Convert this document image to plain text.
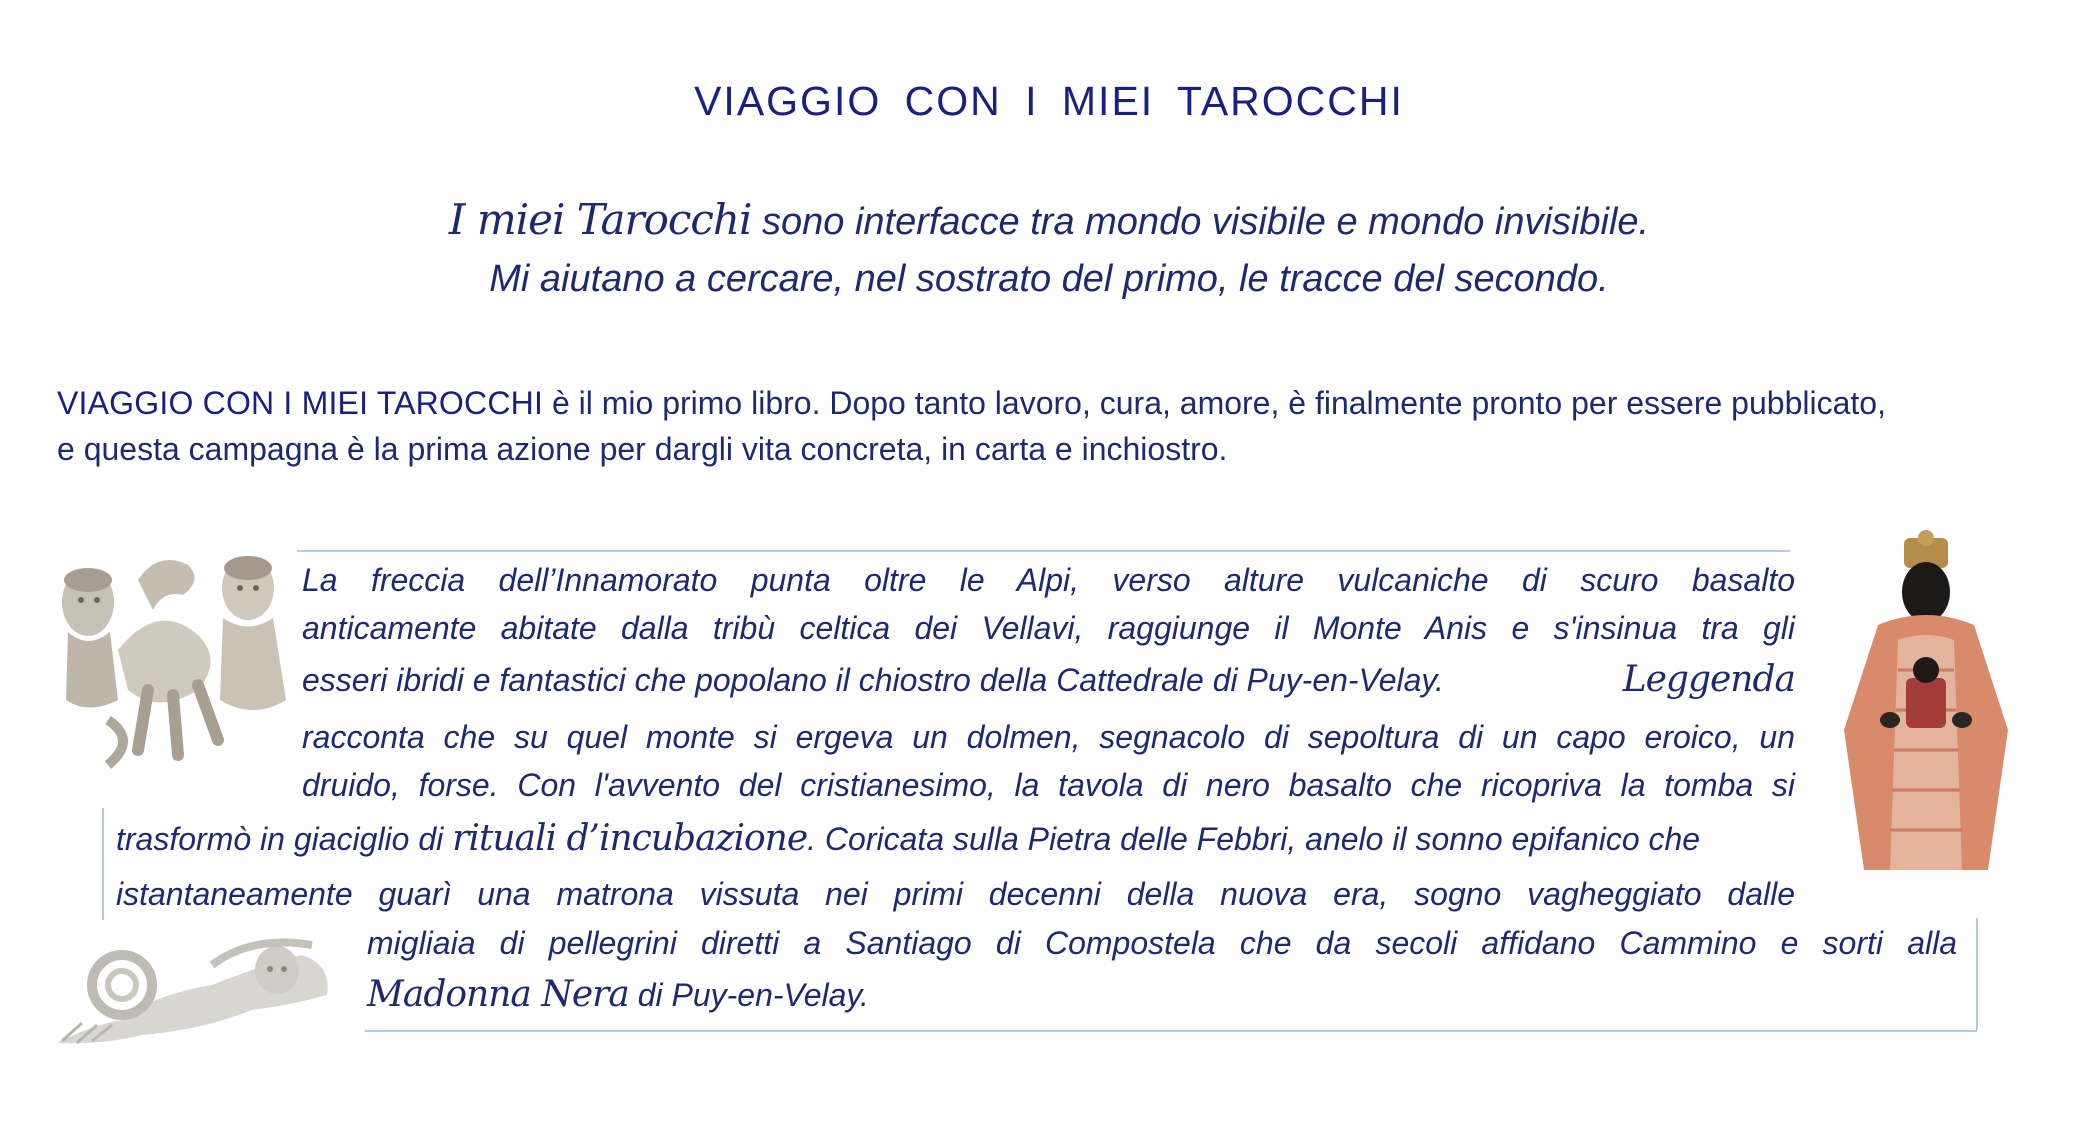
VIAGGIO CON I MIEI TAROCCHI
I miei Tarocchi sono interfacce tra mondo visibile e mondo invisibile.
Mi aiutano a cercare, nel sostrato del primo, le tracce del secondo.
VIAGGIO CON I MIEI TAROCCHI è il mio primo libro. Dopo tanto lavoro, cura, amore, è finalmente pronto per essere pubblicato,
e questa campagna è la prima azione per dargli vita concreta, in carta e inchiostro.
La freccia dell’Innamorato punta oltre le Alpi, verso alture vulcaniche di scuro basalto
anticamente abitate dalla tribù celtica dei Vellavi, raggiunge il Monte Anis e s'insinua tra gli
esseri ibridi e fantastici che popolano il chiostro della Cattedrale di Puy-en-Velay.	Leggenda
racconta che su quel monte si ergeva un dolmen, segnacolo di sepoltura di un capo eroico, un
druido, forse. Con l'avvento del cristianesimo, la tavola di nero basalto che ricopriva la tomba si
trasformò in giaciglio di rituali d’incubazione. Coricata sulla Pietra delle Febbri, anelo il sonno epifanico che
istantaneamente guarì una matrona vissuta nei primi decenni della nuova era, sogno vagheggiato dalle
migliaia di pellegrini diretti a Santiago di Compostela che da secoli affidano Cammino e sorti alla
Madonna Nera di Puy-en-Velay.
